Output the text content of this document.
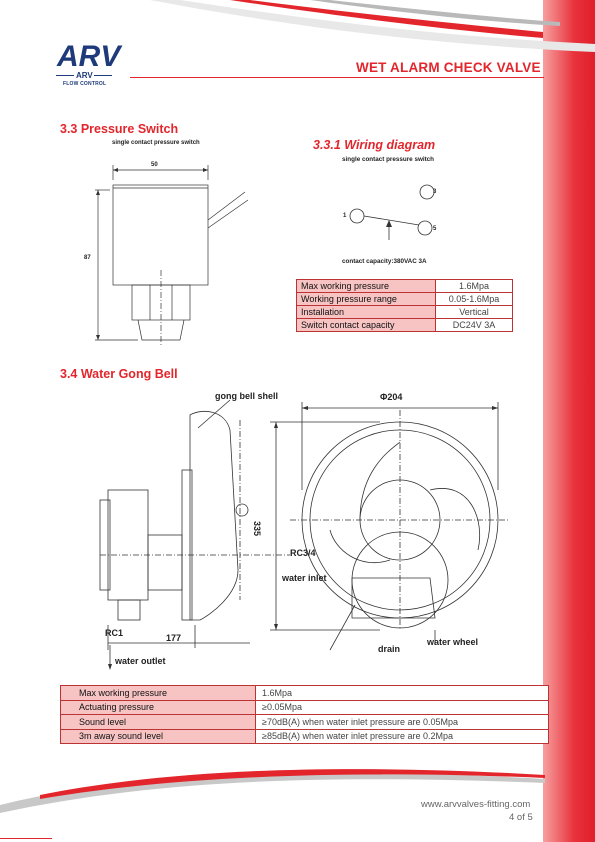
ARV
ARV
FLOW CONTROL
WET ALARM CHECK VALVE
3.3 Pressure Switch
single contact pressure switch
50
87
3.3.1 Wiring diagram
single contact pressure switch
3
1
5
contact capacity:380VAC 3A
Max working pressure	1.6Mpa
Working pressure range	0.05-1.6Mpa
Installation	Vertical
Switch contact capacity	DC24V 3A
3.4 Water Gong Bell
gong bell shell	Φ204
335
RC3/4
water inlet
RC1	177
water outlet
drain
water wheel
Max working pressure	1.6Mpa
Actuating pressure	≥0.05Mpa
Sound level	≥70dB(A) when water inlet pressure are 0.05Mpa
3m away sound level	≥85dB(A) when water inlet pressure are 0.2Mpa
www.arvvalves-fitting.com
4 of 5
